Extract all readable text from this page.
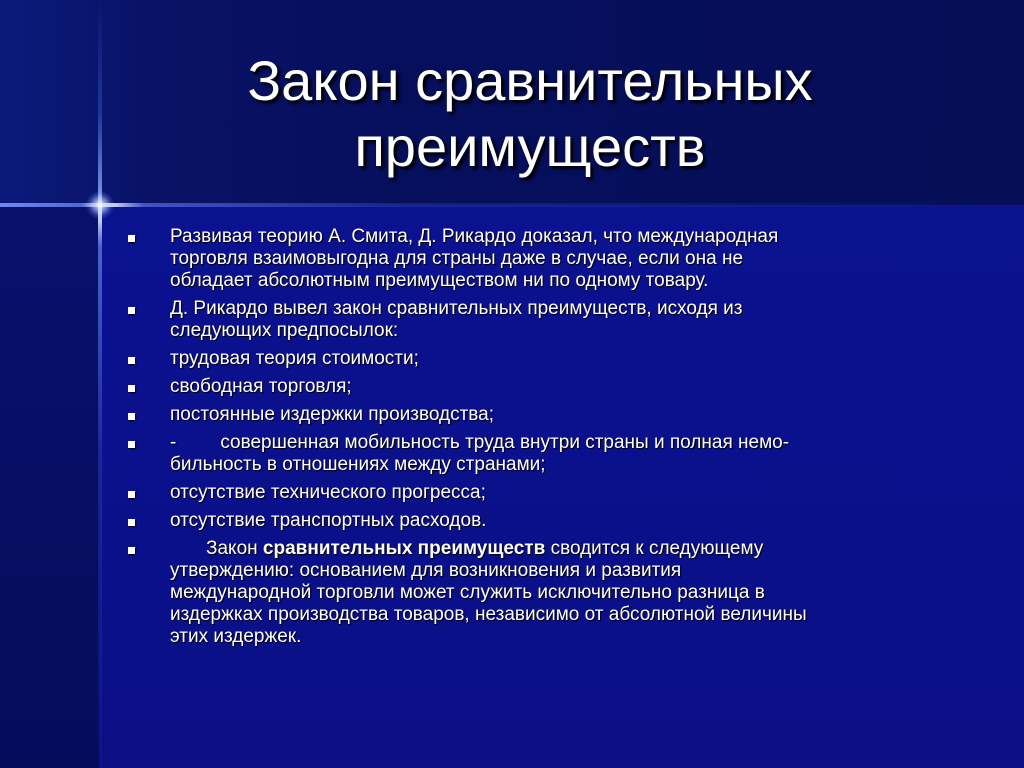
Закон сравнительных
преимуществ
Развивая теорию А. Смита, Д. Рикардо доказал, что международная
торговля взаимовыгодна для страны даже в случае, если она не
обладает абсолютным преимуществом ни по одному товару.
Д. Рикардо вывел закон сравнительных преимуществ, исходя из
следующих предпосылок:
трудовая теория стоимости;
свободная торговля;
постоянные издержки производства;
- совершенная мобильность труда внутри страны и полная немо-
бильность в отношениях между странами;
отсутствие технического прогресса;
отсутствие транспортных расходов.
Закон сравнительных преимуществ сводится к следующему
утверждению: основанием для возникновения и развития
международной торговли может служить исключительно разница в
издержках производства товаров, независимо от абсолютной величины
этих издержек.
